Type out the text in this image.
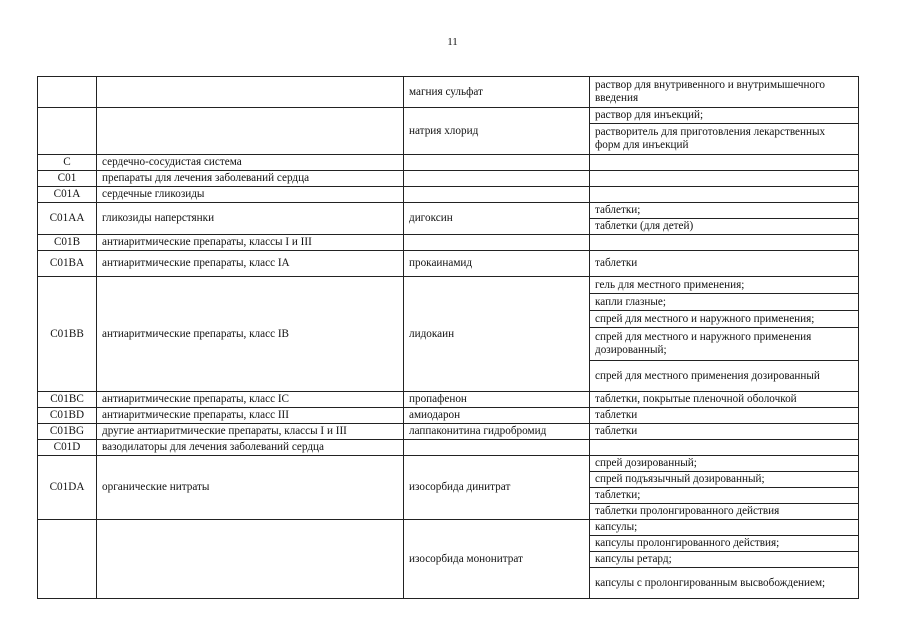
11
		магния сульфат	раствор для внутривенного и внутримышечного введения
		натрия хлорид	раствор для инъекций;
			растворитель для приготовления лекарственных форм для инъекций
C	сердечно-сосудистая система		
C01	препараты для лечения заболеваний сердца		
C01A	сердечные гликозиды		
C01AA	гликозиды наперстянки	дигоксин	таблетки;
			таблетки (для детей)
C01B	антиаритмические препараты, классы I и III		
C01BA	антиаритмические препараты, класс IA	прокаинамид	таблетки
C01BB	антиаритмические препараты, класс IB	лидокаин	гель для местного применения;
			капли глазные;
			спрей для местного и наружного применения;
			спрей для местного и наружного применения дозированный;
			спрей для местного применения дозированный
C01BC	антиаритмические препараты, класс IC	пропафенон	таблетки, покрытые пленочной оболочкой
C01BD	антиаритмические препараты, класс III	амиодарон	таблетки
C01BG	другие антиаритмические препараты, классы I и III	лаппаконитина гидробромид	таблетки
C01D	вазодилаторы для лечения заболеваний сердца		
C01DA	органические нитраты	изосорбида динитрат	спрей дозированный;
			спрей подъязычный дозированный;
			таблетки;
			таблетки пролонгированного действия
		изосорбида мононитрат	капсулы;
			капсулы пролонгированного действия;
			капсулы ретард;
			капсулы с пролонгированным высвобождением;
